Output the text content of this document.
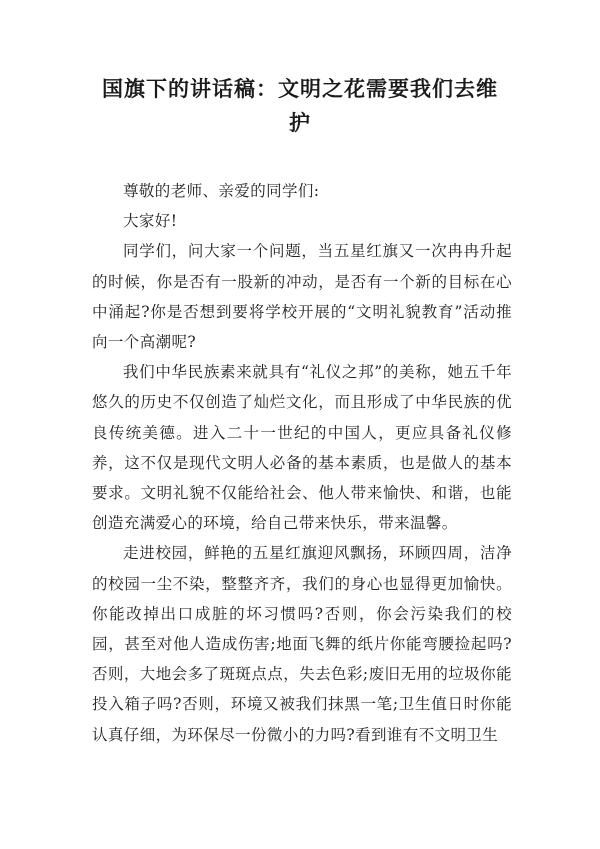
国旗下的讲话稿：文明之花需要我们去维护

尊敬的老师、亲爱的同学们:

大家好!

同学们，问大家一个问题，当五星红旗又一次冉冉升起的时候，你是否有一股新的冲动，是否有一个新的目标在心中涌起?你是否想到要将学校开展的“文明礼貌教育”活动推向一个高潮呢?

我们中华民族素来就具有“礼仪之邦”的美称，她五千年悠久的历史不仅创造了灿烂文化，而且形成了中华民族的优良传统美德。进入二十一世纪的中国人，更应具备礼仪修养，这不仅是现代文明人必备的基本素质，也是做人的基本要求。文明礼貌不仅能给社会、他人带来愉快、和谐，也能创造充满爱心的环境，给自己带来快乐，带来温馨。

走进校园，鲜艳的五星红旗迎风飘扬，环顾四周，洁净的校园一尘不染，整整齐齐，我们的身心也显得更加愉快。你能改掉出口成脏的坏习惯吗?否则，你会污染我们的校园，甚至对他人造成伤害;地面飞舞的纸片你能弯腰捡起吗?否则，大地会多了斑斑点点，失去色彩;废旧无用的垃圾你能投入箱子吗?否则，环境又被我们抹黑一笔;卫生值日时你能认真仔细，为环保尽一份微小的力吗?看到谁有不文明卫生
